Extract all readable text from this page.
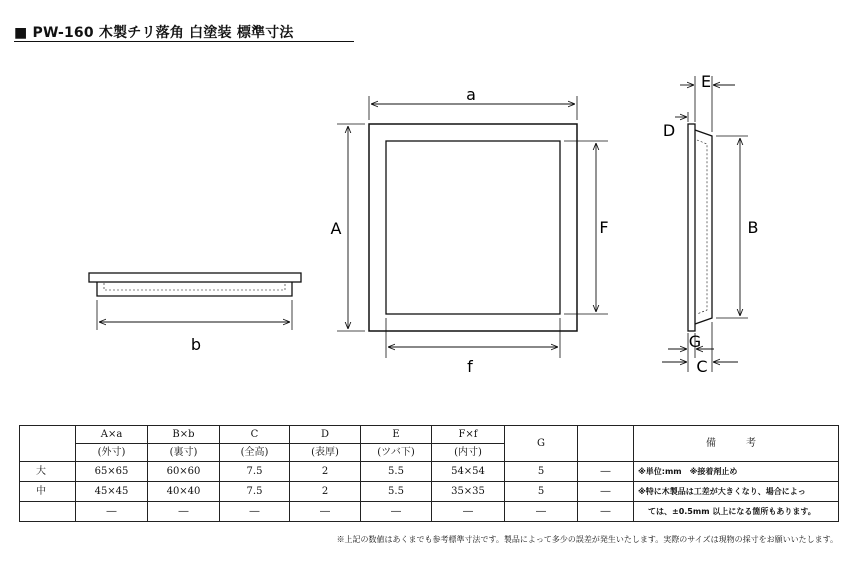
■ PW-160 木製チリ落角 白塗装 標準寸法
b
a
A	F
f
E
D
B
G
C
	A×a	B×b	C	D	E	F×f	G		備　考
	(外寸)	(裏寸)	(全高)	(表厚)	(ツバ下)	(内寸)			
大	65×65	60×60	7.5	2	5.5	54×54	5	―	※単位:mm　※接着剤止め
中	45×45	40×40	7.5	2	5.5	35×35	5	―	※特に木製品は工差が大きくなり、場合によっ
	―	―	―	―	―	―	―	―	ては、±0.5mm 以上になる箇所もあります。
※上記の数値はあくまでも参考標準寸法です。製品によって多少の誤差が発生いたします。実際のサイズは現物の採寸をお願いいたします。
